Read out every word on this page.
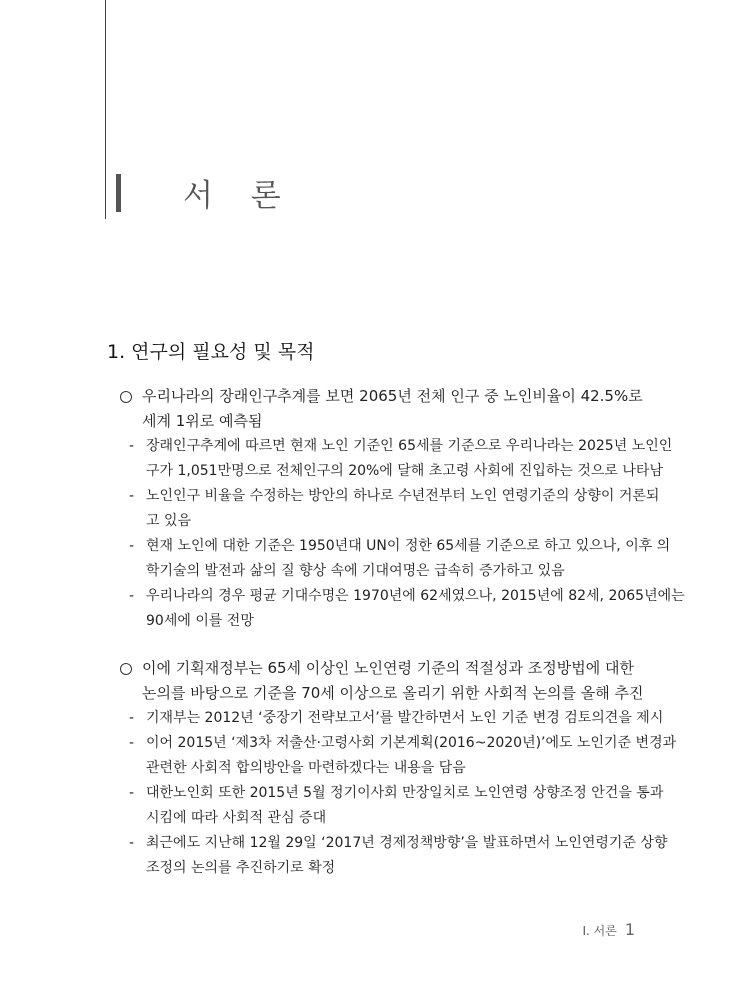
서 론
1. 연구의 필요성 및 목적
우리나라의 장래인구추계를 보면 2065년 전체 인구 중 노인비율이 42.5%로
세계 1위로 예측됨
- 장래인구추계에 따르면 현재 노인 기준인 65세를 기준으로 우리나라는 2025년 노인인
구가 1,051만명으로 전체인구의 20%에 달해 초고령 사회에 진입하는 것으로 나타남
- 노인인구 비율을 수정하는 방안의 하나로 수년전부터 노인 연령기준의 상향이 거론되
고 있음
- 현재 노인에 대한 기준은 1950년대 UN이 정한 65세를 기준으로 하고 있으나, 이후 의
학기술의 발전과 삶의 질 향상 속에 기대여명은 급속히 증가하고 있음
- 우리나라의 경우 평균 기대수명은 1970년에 62세였으나, 2015년에 82세, 2065년에는
90세에 이를 전망
이에 기획재정부는 65세 이상인 노인연령 기준의 적절성과 조정방법에 대한
논의를 바탕으로 기준을 70세 이상으로 올리기 위한 사회적 논의를 올해 추진
- 기재부는 2012년 ‘중장기 전략보고서’를 발간하면서 노인 기준 변경 검토의견을 제시
- 이어 2015년 ‘제3차 저출산·고령사회 기본계획(2016~2020년)’에도 노인기준 변경과
관련한 사회적 합의방안을 마련하겠다는 내용을 담음
- 대한노인회 또한 2015년 5월 정기이사회 만장일치로 노인연령 상향조정 안건을 통과
시킴에 따라 사회적 관심 증대
- 최근에도 지난해 12월 29일 ‘2017년 경제정책방향’을 발표하면서 노인연령기준 상향
조정의 논의를 추진하기로 확정
Ⅰ. 서론 1
